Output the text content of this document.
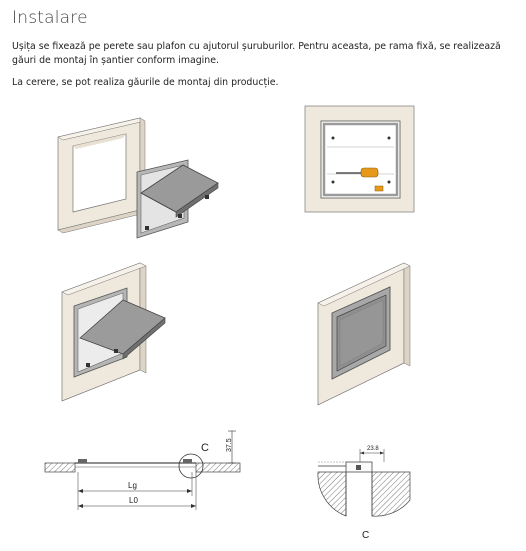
Instalare
Ușița se fixează pe perete sau plafon cu ajutorul șuruburilor. Pentru aceasta, pe rama fixă, se realizează găuri de montaj în șantier conform imagine.
La cerere, se pot realiza găurile de montaj din producție.
C 37.5
Lg
L0
23.8
C
